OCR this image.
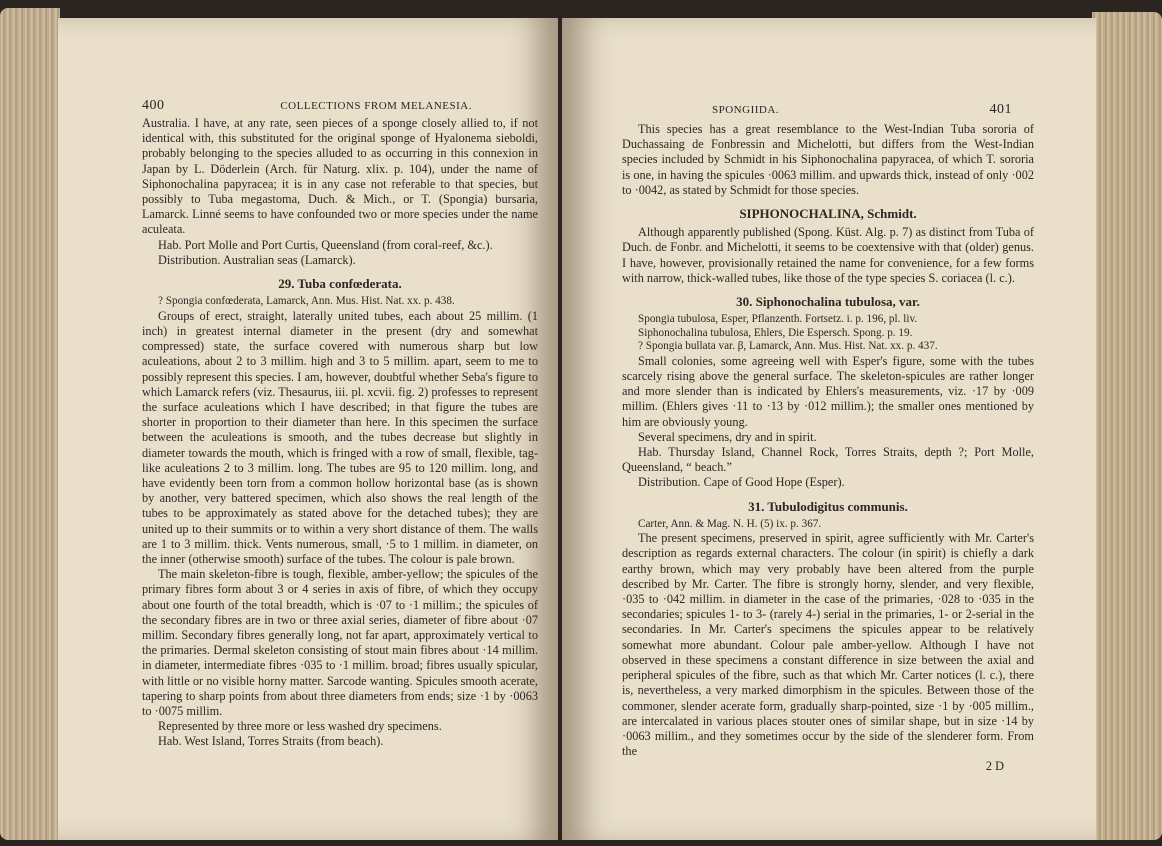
400	COLLECTIONS FROM MELANESIA.

Australia. I have, at any rate, seen pieces of a sponge closely allied to, if not identical with, this substituted for the original sponge of Hyalonema sieboldi, probably belonging to the species alluded to as occurring in this connexion in Japan by L. Döderlein (Arch. für Naturg. xlix. p. 104), under the name of Siphonochalina papyracea; it is in any case not referable to that species, but possibly to Tuba megastoma, Duch. & Mich., or T. (Spongia) bursaria, Lamarck. Linné seems to have confounded two or more species under the name aculeata.

Hab. Port Molle and Port Curtis, Queensland (from coral-reef, &c.).

Distribution. Australian seas (Lamarck).

29. Tuba confœderata.

? Spongia confœderata, Lamarck, Ann. Mus. Hist. Nat. xx. p. 438.

Groups of erect, straight, laterally united tubes, each about 25 millim. (1 inch) in greatest internal diameter in the present (dry and somewhat compressed) state, the surface covered with numerous sharp but low aculeations, about 2 to 3 millim. high and 3 to 5 millim. apart, seem to me to possibly represent this species. I am, however, doubtful whether Seba's figure to which Lamarck refers (viz. Thesaurus, iii. pl. xcvii. fig. 2) professes to represent the surface aculeations which I have described; in that figure the tubes are shorter in proportion to their diameter than here. In this specimen the surface between the aculeations is smooth, and the tubes decrease but slightly in diameter towards the mouth, which is fringed with a row of small, flexible, tag-like aculeations 2 to 3 millim. long. The tubes are 95 to 120 millim. long, and have evidently been torn from a common hollow horizontal base (as is shown by another, very battered specimen, which also shows the real length of the tubes to be approximately as stated above for the detached tubes); they are united up to their summits or to within a very short distance of them. The walls are 1 to 3 millim. thick. Vents numerous, small, ·5 to 1 millim. in diameter, on the inner (otherwise smooth) surface of the tubes. The colour is pale brown.

The main skeleton-fibre is tough, flexible, amber-yellow; the spicules of the primary fibres form about 3 or 4 series in axis of fibre, of which they occupy about one fourth of the total breadth, which is ·07 to ·1 millim.; the spicules of the secondary fibres are in two or three axial series, diameter of fibre about ·07 millim. Secondary fibres generally long, not far apart, approximately vertical to the primaries. Dermal skeleton consisting of stout main fibres about ·14 millim. in diameter, intermediate fibres ·035 to ·1 millim. broad; fibres usually spicular, with little or no visible horny matter. Sarcode wanting. Spicules smooth acerate, tapering to sharp points from about three diameters from ends; size ·1 by ·0063 to ·0075 millim.

Represented by three more or less washed dry specimens.

Hab. West Island, Torres Straits (from beach).

SPONGIIDA.	401

This species has a great resemblance to the West-Indian Tuba sororia of Duchassaing de Fonbressin and Michelotti, but differs from the West-Indian species included by Schmidt in his Siphonochalina papyracea, of which T. sororia is one, in having the spicules ·0063 millim. and upwards thick, instead of only ·002 to ·0042, as stated by Schmidt for those species.

SIPHONOCHALINA, Schmidt.

Although apparently published (Spong. Küst. Alg. p. 7) as distinct from Tuba of Duch. de Fonbr. and Michelotti, it seems to be coextensive with that (older) genus. I have, however, provisionally retained the name for convenience, for a few forms with narrow, thick-walled tubes, like those of the type species S. coriacea (l. c.).

30. Siphonochalina tubulosa, var.

Spongia tubulosa, Esper, Pflanzenth. Fortsetz. i. p. 196, pl. liv.

Siphonochalina tubulosa, Ehlers, Die Espersch. Spong. p. 19.

? Spongia bullata var. β, Lamarck, Ann. Mus. Hist. Nat. xx. p. 437.

Small colonies, some agreeing well with Esper's figure, some with the tubes scarcely rising above the general surface. The skeleton-spicules are rather longer and more slender than is indicated by Ehlers's measurements, viz. ·17 by ·009 millim. (Ehlers gives ·11 to ·13 by ·012 millim.); the smaller ones mentioned by him are obviously young.

Several specimens, dry and in spirit.

Hab. Thursday Island, Channel Rock, Torres Straits, depth ?; Port Molle, Queensland, “ beach.”

Distribution. Cape of Good Hope (Esper).

31. Tubulodigitus communis.

Carter, Ann. & Mag. N. H. (5) ix. p. 367.

The present specimens, preserved in spirit, agree sufficiently with Mr. Carter's description as regards external characters. The colour (in spirit) is chiefly a dark earthy brown, which may very probably have been altered from the purple described by Mr. Carter. The fibre is strongly horny, slender, and very flexible, ·035 to ·042 millim. in diameter in the case of the primaries, ·028 to ·035 in the secondaries; spicules 1- to 3- (rarely 4-) serial in the primaries, 1- or 2-serial in the secondaries. In Mr. Carter's specimens the spicules appear to be relatively somewhat more abundant. Colour pale amber-yellow. Although I have not observed in these specimens a constant difference in size between the axial and peripheral spicules of the fibre, such as that which Mr. Carter notices (l. c.), there is, nevertheless, a very marked dimorphism in the spicules. Between those of the commoner, slender acerate form, gradually sharp-pointed, size ·1 by ·005 millim., are intercalated in various places stouter ones of similar shape, but in size ·14 by ·0063 millim., and they sometimes occur by the side of the slenderer form. From the

2 D
